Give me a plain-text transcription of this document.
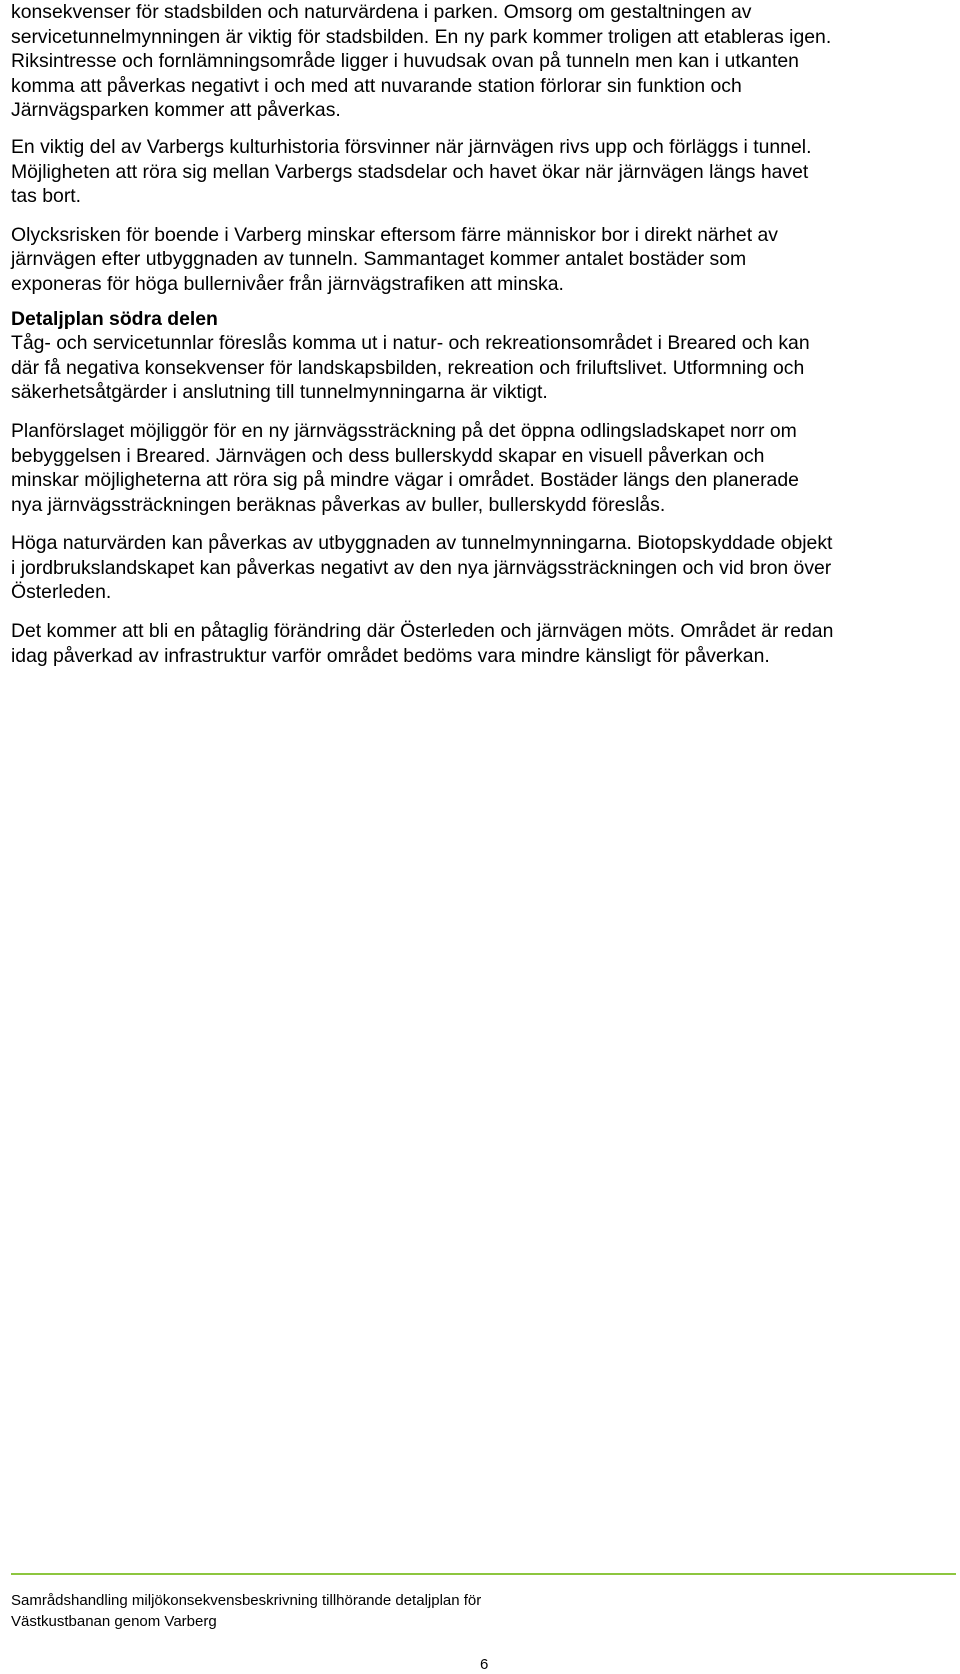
konsekvenser för stadsbilden och naturvärdena i parken. Omsorg om gestaltningen av
servicetunnelmynningen är viktig för stadsbilden. En ny park kommer troligen att etableras igen.
Riksintresse och fornlämningsområde ligger i huvudsak ovan på tunneln men kan i utkanten
komma att påverkas negativt i och med att nuvarande station förlorar sin funktion och
Järnvägsparken kommer att påverkas.

En viktig del av Varbergs kulturhistoria försvinner när järnvägen rivs upp och förläggs i tunnel.
Möjligheten att röra sig mellan Varbergs stadsdelar och havet ökar när järnvägen längs havet
tas bort.

Olycksrisken för boende i Varberg minskar eftersom färre människor bor i direkt närhet av
järnvägen efter utbyggnaden av tunneln. Sammantaget kommer antalet bostäder som
exponeras för höga bullernivåer från järnvägstrafiken att minska.

Detaljplan södra delen

Tåg- och servicetunnlar föreslås komma ut i natur- och rekreationsområdet i Breared och kan
där få negativa konsekvenser för landskapsbilden, rekreation och friluftslivet. Utformning och
säkerhetsåtgärder i anslutning till tunnelmynningarna är viktigt.

Planförslaget möjliggör för en ny järnvägssträckning på det öppna odlingsladskapet norr om
bebyggelsen i Breared. Järnvägen och dess bullerskydd skapar en visuell påverkan och
minskar möjligheterna att röra sig på mindre vägar i området. Bostäder längs den planerade
nya järnvägssträckningen beräknas påverkas av buller, bullerskydd föreslås.

Höga naturvärden kan påverkas av utbyggnaden av tunnelmynningarna. Biotopskyddade objekt
i jordbrukslandskapet kan påverkas negativt av den nya järnvägssträckningen och vid bron över
Österleden.

Det kommer att bli en påtaglig förändring där Österleden och järnvägen möts. Området är redan
idag påverkad av infrastruktur varför området bedöms vara mindre känsligt för påverkan.

Samrådshandling miljökonsekvensbeskrivning tillhörande detaljplan för
Västkustbanan genom Varberg
6
